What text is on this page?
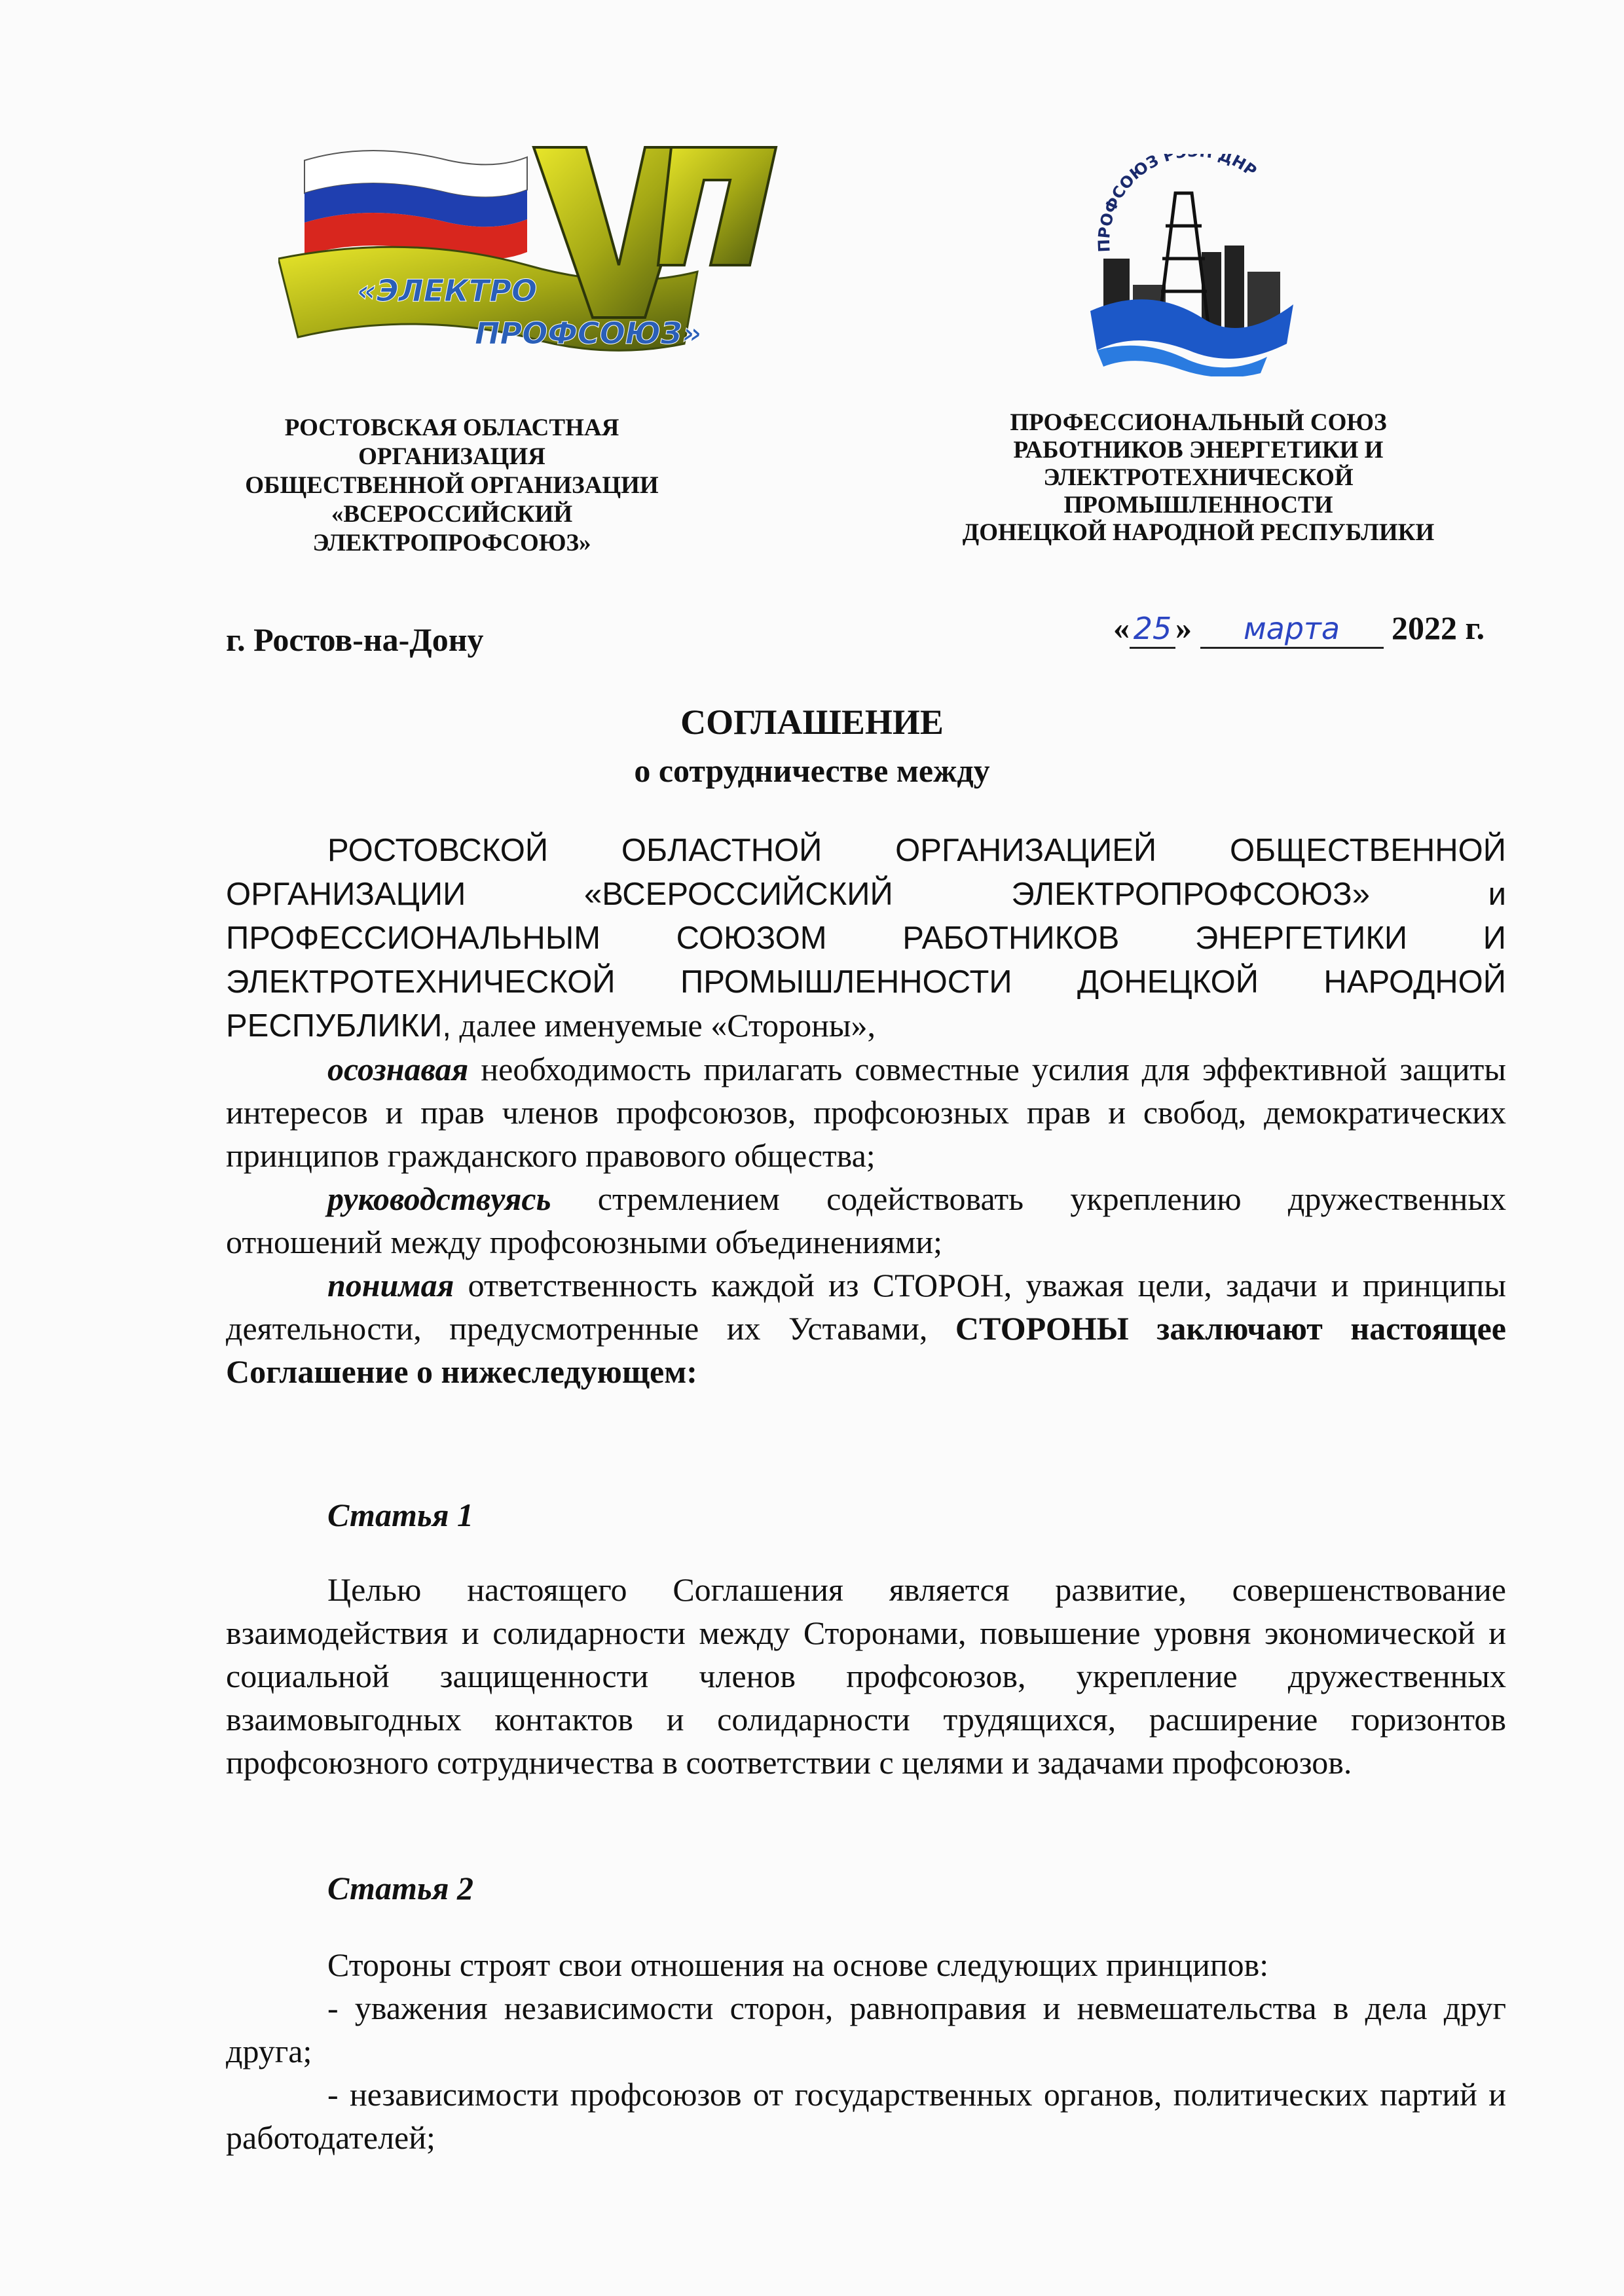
«ЭЛЕКТРО
ПРОФСОЮЗ»
ПРОФСОЮЗ Р ДНР
РОСТОВСКАЯ ОБЛАСТНАЯ ОРГАНИЗАЦИЯ
ОБЩЕСТВЕННОЙ ОРГАНИЗАЦИИ
«ВСЕРОССИЙСКИЙ ЭЛЕКТРОПРОФСОЮЗ»
ПРОФЕССИОНАЛЬНЫЙ СОЮЗ
РАБОТНИКОВ ЭНЕРГЕТИКИ И
ЭЛЕКТРОТЕХНИЧЕСКОЙ
ПРОМЫШЛЕННОСТИ
ДОНЕЦКОЙ НАРОДНОЙ РЕСПУБЛИКИ
г. Ростов-на-Дону	« 25 » марта 2022 г.
СОГЛАШЕНИЕ
о сотрудничестве между

РОСТОВСКОЙ ОБЛАСТНОЙ ОРГАНИЗАЦИЕЙ ОБЩЕСТВЕННОЙ ОРГАНИЗАЦИИ «ВСЕРОССИЙСКИЙ ЭЛЕКТРОПРОФСОЮЗ» и ПРОФЕССИОНАЛЬНЫМ СОЮЗОМ РАБОТНИКОВ ЭНЕРГЕТИКИ И ЭЛЕКТРОТЕХНИЧЕСКОЙ ПРОМЫШЛЕННОСТИ ДОНЕЦКОЙ НАРОДНОЙ РЕСПУБЛИКИ, далее именуемые «Стороны»,

осознавая необходимость прилагать совместные усилия для эффективной защиты интересов и прав членов профсоюзов, профсоюзных прав и свобод, демократических принципов гражданского правового общества;

руководствуясь стремлением содействовать укреплению дружественных отношений между профсоюзными объединениями;

понимая ответственность каждой из СТОРОН, уважая цели, задачи и принципы деятельности, предусмотренные их Уставами, СТОРОНЫ заключают настоящее Соглашение о нижеследующем:

Статья 1

Целью настоящего Соглашения является развитие, совершенствование взаимодействия и солидарности между Сторонами, повышение уровня экономической и социальной защищенности членов профсоюзов, укрепление дружественных взаимовыгодных контактов и солидарности трудящихся, расширение горизонтов профсоюзного сотрудничества в соответствии с целями и задачами профсоюзов.

Статья 2

Стороны строят свои отношения на основе следующих принципов:

- уважения независимости сторон, равноправия и невмешательства в дела друг друга;

- независимости профсоюзов от государственных органов, политических партий и работодателей;
